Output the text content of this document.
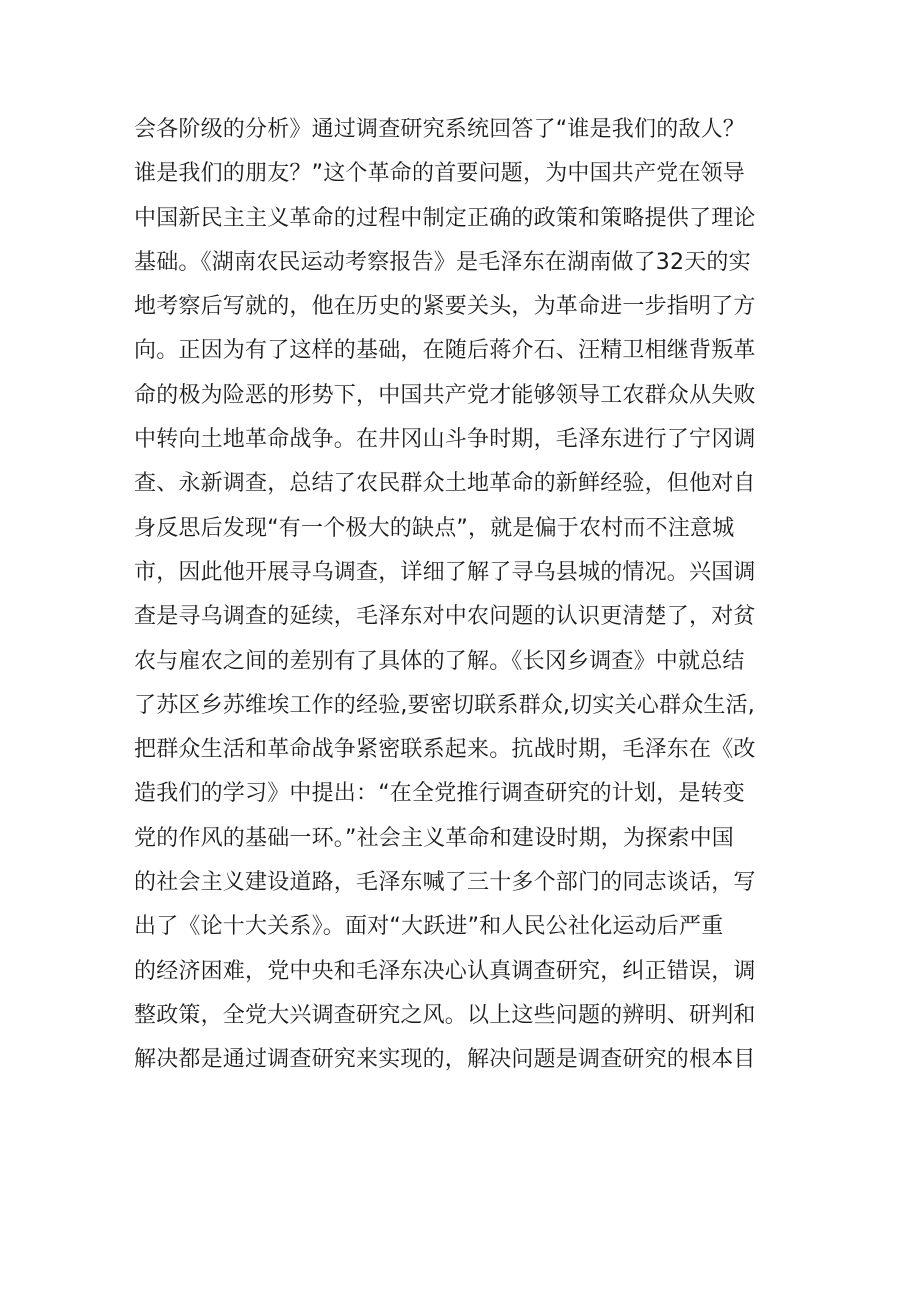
会各阶级的分析》通过调查研究系统回答了“谁是我们的敌人？
谁是我们的朋友？”这个革命的首要问题，为中国共产党在领导
中国新民主主义革命的过程中制定正确的政策和策略提供了理论
基础。《湖南农民运动考察报告》是毛泽东在湖南做了32天的实
地考察后写就的，他在历史的紧要关头，为革命进一步指明了方
向。正因为有了这样的基础，在随后蒋介石、汪精卫相继背叛革
命的极为险恶的形势下，中国共产党才能够领导工农群众从失败
中转向土地革命战争。在井冈山斗争时期，毛泽东进行了宁冈调
查、永新调查，总结了农民群众土地革命的新鲜经验，但他对自
身反思后发现“有一个极大的缺点”，就是偏于农村而不注意城
市，因此他开展寻乌调查，详细了解了寻乌县城的情况。兴国调
查是寻乌调查的延续，毛泽东对中农问题的认识更清楚了，对贫
农与雇农之间的差别有了具体的了解。《长冈乡调查》中就总结
了苏区乡苏维埃工作的经验,要密切联系群众,切实关心群众生活,
把群众生活和革命战争紧密联系起来。抗战时期，毛泽东在《改
造我们的学习》中提出：“在全党推行调查研究的计划，是转变
党的作风的基础一环。”社会主义革命和建设时期，为探索中国
的社会主义建设道路，毛泽东喊了三十多个部门的同志谈话，写
出了《论十大关系》。面对“大跃进”和人民公社化运动后严重
的经济困难，党中央和毛泽东决心认真调查研究，纠正错误，调
整政策，全党大兴调查研究之风。以上这些问题的辨明、研判和
解决都是通过调查研究来实现的，解决问题是调查研究的根本目
